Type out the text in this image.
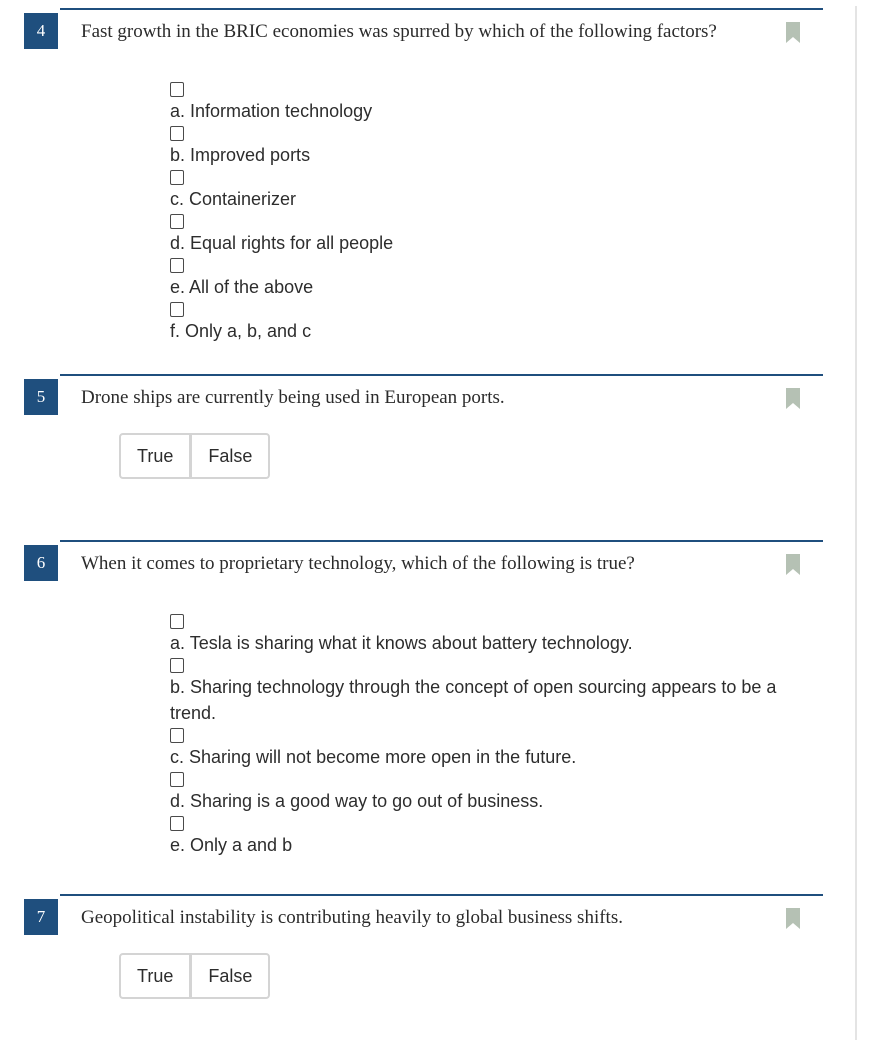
4	Fast growth in the BRIC economies was spurred by which of the following factors?
a. Information technology
b. Improved ports
c. Containerizer
d. Equal rights for all people
e. All of the above
f. Only a, b, and c
5	Drone ships are currently being used in European ports.
True	False
6	When it comes to proprietary technology, which of the following is true?
a. Tesla is sharing what it knows about battery technology.
b. Sharing technology through the concept of open sourcing appears to be a trend.
c. Sharing will not become more open in the future.
d. Sharing is a good way to go out of business.
e. Only a and b
7	Geopolitical instability is contributing heavily to global business shifts.
True	False
